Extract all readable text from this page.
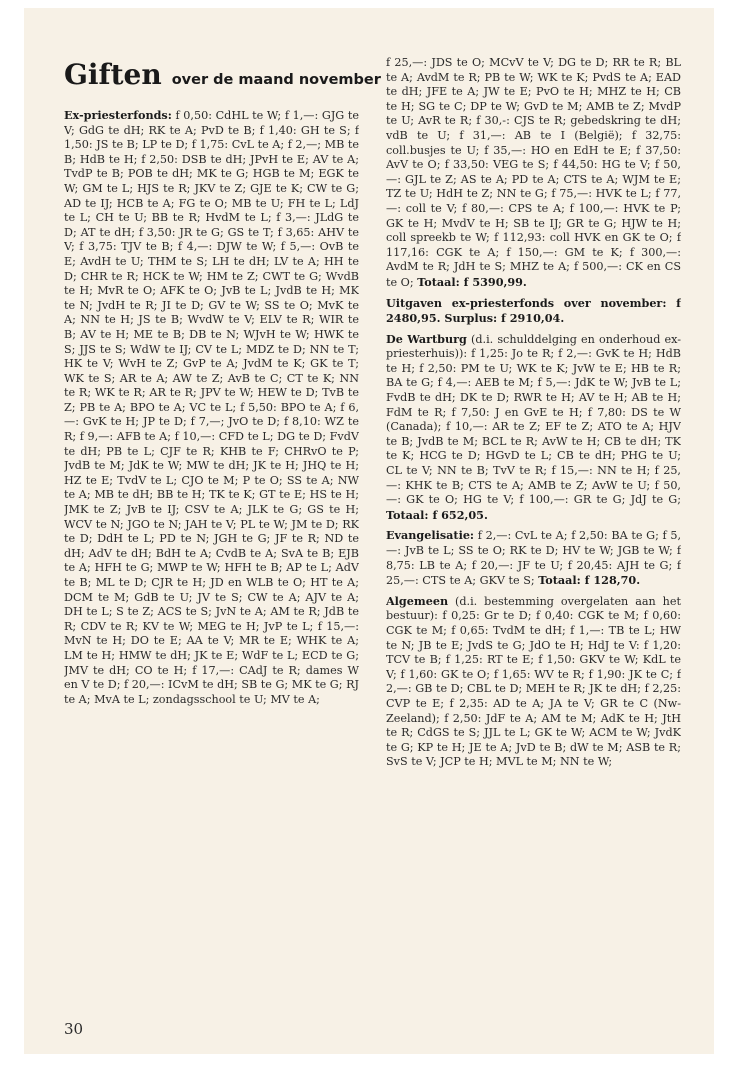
Giften over de maand november

Ex-priesterfonds: f 0,50: CdHL te W; f 1,—: GJG te V; GdG te dH; RK te A; PvD te B; f 1,40: GH te S; f 1,50: JS te B; LP te D; f 1,75: CvL te A; f 2,—; MB te B; HdB te H; f 2,50: DSB te dH; JPvH te E; AV te A; TvdP te B; POB te dH; MK te G; HGB te M; EGK te W; GM te L; HJS te R; JKV te Z; GJE te K; CW te G; AD te IJ; HCB te A; FG te O; MB te U; FH te L; LdJ te L; CH te U; BB te R; HvdM te L; f 3,—: JLdG te D; AT te dH; f 3,50: JR te G; GS te T; f 3,65: AHV te V; f 3,75: TJV te B; f 4,—: DJW te W; f 5,—: OvB te E; AvdH te U; THM te S; LH te dH; LV te A; HH te D; CHR te R; HCK te W; HM te Z; CWT te G; WvdB te H; MvR te O; AFK te O; JvB te L; JvdB te H; MK te N; JvdH te R; JI te D; GV te W; SS te O; MvK te A; NN te H; JS te B; WvdW te V; ELV te R; WIR te B; AV te H; ME te B; DB te N; WJvH te W; HWK te S; JJS te S; WdW te IJ; CV te L; MDZ te D; NN te T; HK te V; WvH te Z; GvP te A; JvdM te K; GK te T; WK te S; AR te A; AW te Z; AvB te C; CT te K; NN te R; WK te R; AR te R; JPV te W; HEW te D; TvB te Z; PB te A; BPO te A; VC te L; f 5,50: BPO te A; f 6,—: GvK te H; JP te D; f 7,—; JvO te D; f 8,10: WZ te R; f 9,—: AFB te A; f 10,—: CFD te L; DG te D; FvdV te dH; PB te L; CJF te R; KHB te F; CHRvO te P; JvdB te M; JdK te W; MW te dH; JK te H; JHQ te H; HZ te E; TvdV te L; CJO te M; P te O; SS te A; NW te A; MB te dH; BB te H; TK te K; GT te E; HS te H; JMK te Z; JvB te IJ; CSV te A; JLK te G; GS te H; WCV te N; JGO te N; JAH te V; PL te W; JM te D; RK te D; DdH te L; PD te N; JGH te G; JF te R; ND te dH; AdV te dH; BdH te A; CvdB te A; SvA te B; EJB te A; HFH te G; MWP te W; HFH te B; AP te L; AdV te B; ML te D; CJR te H; JD en WLB te O; HT te A; DCM te M; GdB te U; JV te S; CW te A; AJV te A; DH te L; S te Z; ACS te S; JvN te A; AM te R; JdB te R; CDV te R; KV te W; MEG te H; JvP te L; f 15,—: MvN te H; DO te E; AA te V; MR te E; WHK te A; LM te H; HMW te dH; JK te E; WdF te L; ECD te G; JMV te dH; CO te H; f 17,—: CAdJ te R; dames W en V te D; f 20,—: ICvM te dH; SB te G; MK te G; RJ te A; MvA te L; zondagsschool te U; MV te A;

f 25,—: JDS te O; MCvV te V; DG te D; RR te R; BL te A; AvdM te R; PB te W; WK te K; PvdS te A; EAD te dH; JFE te A; JW te E; PvO te H; MHZ te H; CB te H; SG te C; DP te W; GvD te M; AMB te Z; MvdP te U; AvR te R; f 30,-: CJS te R; gebedskring te dH; vdB te U; f 31,—: AB te I (België); f 32,75: coll.busjes te U; f 35,—: HO en EdH te E; f 37,50: AvV te O; f 33,50: VEG te S; f 44,50: HG te V; f 50,—: GJL te Z; AS te A; PD te A; CTS te A; WJM te E; TZ te U; HdH te Z; NN te G; f 75,—: HVK te L; f 77,—: coll te V; f 80,—: CPS te A; f 100,—: HVK te P; GK te H; MvdV te H; SB te IJ; GR te G; HJW te H; coll spreekb te W; f 112,93: coll HVK en GK te O; f 117,16: CGK te A; f 150,—: GM te K; f 300,—: AvdM te R; JdH te S; MHZ te A; f 500,—: CK en CS te O; Totaal: f 5390,99.

Uitgaven ex-priesterfonds over november: f 2480,95. Surplus: f 2910,04.

De Wartburg (d.i. schulddelging en onderhoud ex-priesterhuis)): f 1,25: Jo te R; f 2,—: GvK te H; HdB te H; f 2,50: PM te U; WK te K; JvW te E; HB te R; BA te G; f 4,—: AEB te M; f 5,—: JdK te W; JvB te L; FvdB te dH; DK te D; RWR te H; AV te H; AB te H; FdM te R; f 7,50: J en GvE te H; f 7,80: DS te W (Canada); f 10,—: AR te Z; EF te Z; ATO te A; HJV te B; JvdB te M; BCL te R; AvW te H; CB te dH; TK te K; HCG te D; HGvD te L; CB te dH; PHG te U; CL te V; NN te B; TvV te R; f 15,—: NN te H; f 25,—: KHK te B; CTS te A; AMB te Z; AvW te U; f 50,—: GK te O; HG te V; f 100,—: GR te G; JdJ te G; Totaal: f 652,05.

Evangelisatie: f 2,—: CvL te A; f 2,50: BA te G; f 5,—: JvB te L; SS te O; RK te D; HV te W; JGB te W; f 8,75: LB te A; f 20,—: JF te U; f 20,45: AJH te G; f 25,—: CTS te A; GKV te S; Totaal: f 128,70.

Algemeen (d.i. bestemming overgelaten aan het bestuur): f 0,25: Gr te D; f 0,40: CGK te M; f 0,60: CGK te M; f 0,65: TvdM te dH; f 1,—: TB te L; HW te N; JB te E; JvdS te G; JdO te H; HdJ te V: f 1,20: TCV te B; f 1,25: RT te E; f 1,50: GKV te W; KdL te V; f 1,60: GK te O; f 1,65: WV te R; f 1,90: JK te C; f 2,—: GB te D; CBL te D; MEH te R; JK te dH; f 2,25: CVP te E; f 2,35: AD te A; JA te V; GR te C (Nw-Zeeland); f 2,50: JdF te A; AM te M; AdK te H; JtH te R; CdGS te S; JJL te L; GK te W; ACM te W; JvdK te G; KP te H; JE te A; JvD te B; dW te M; ASB te R; SvS te V; JCP te H; MVL te M; NN te W;

30
